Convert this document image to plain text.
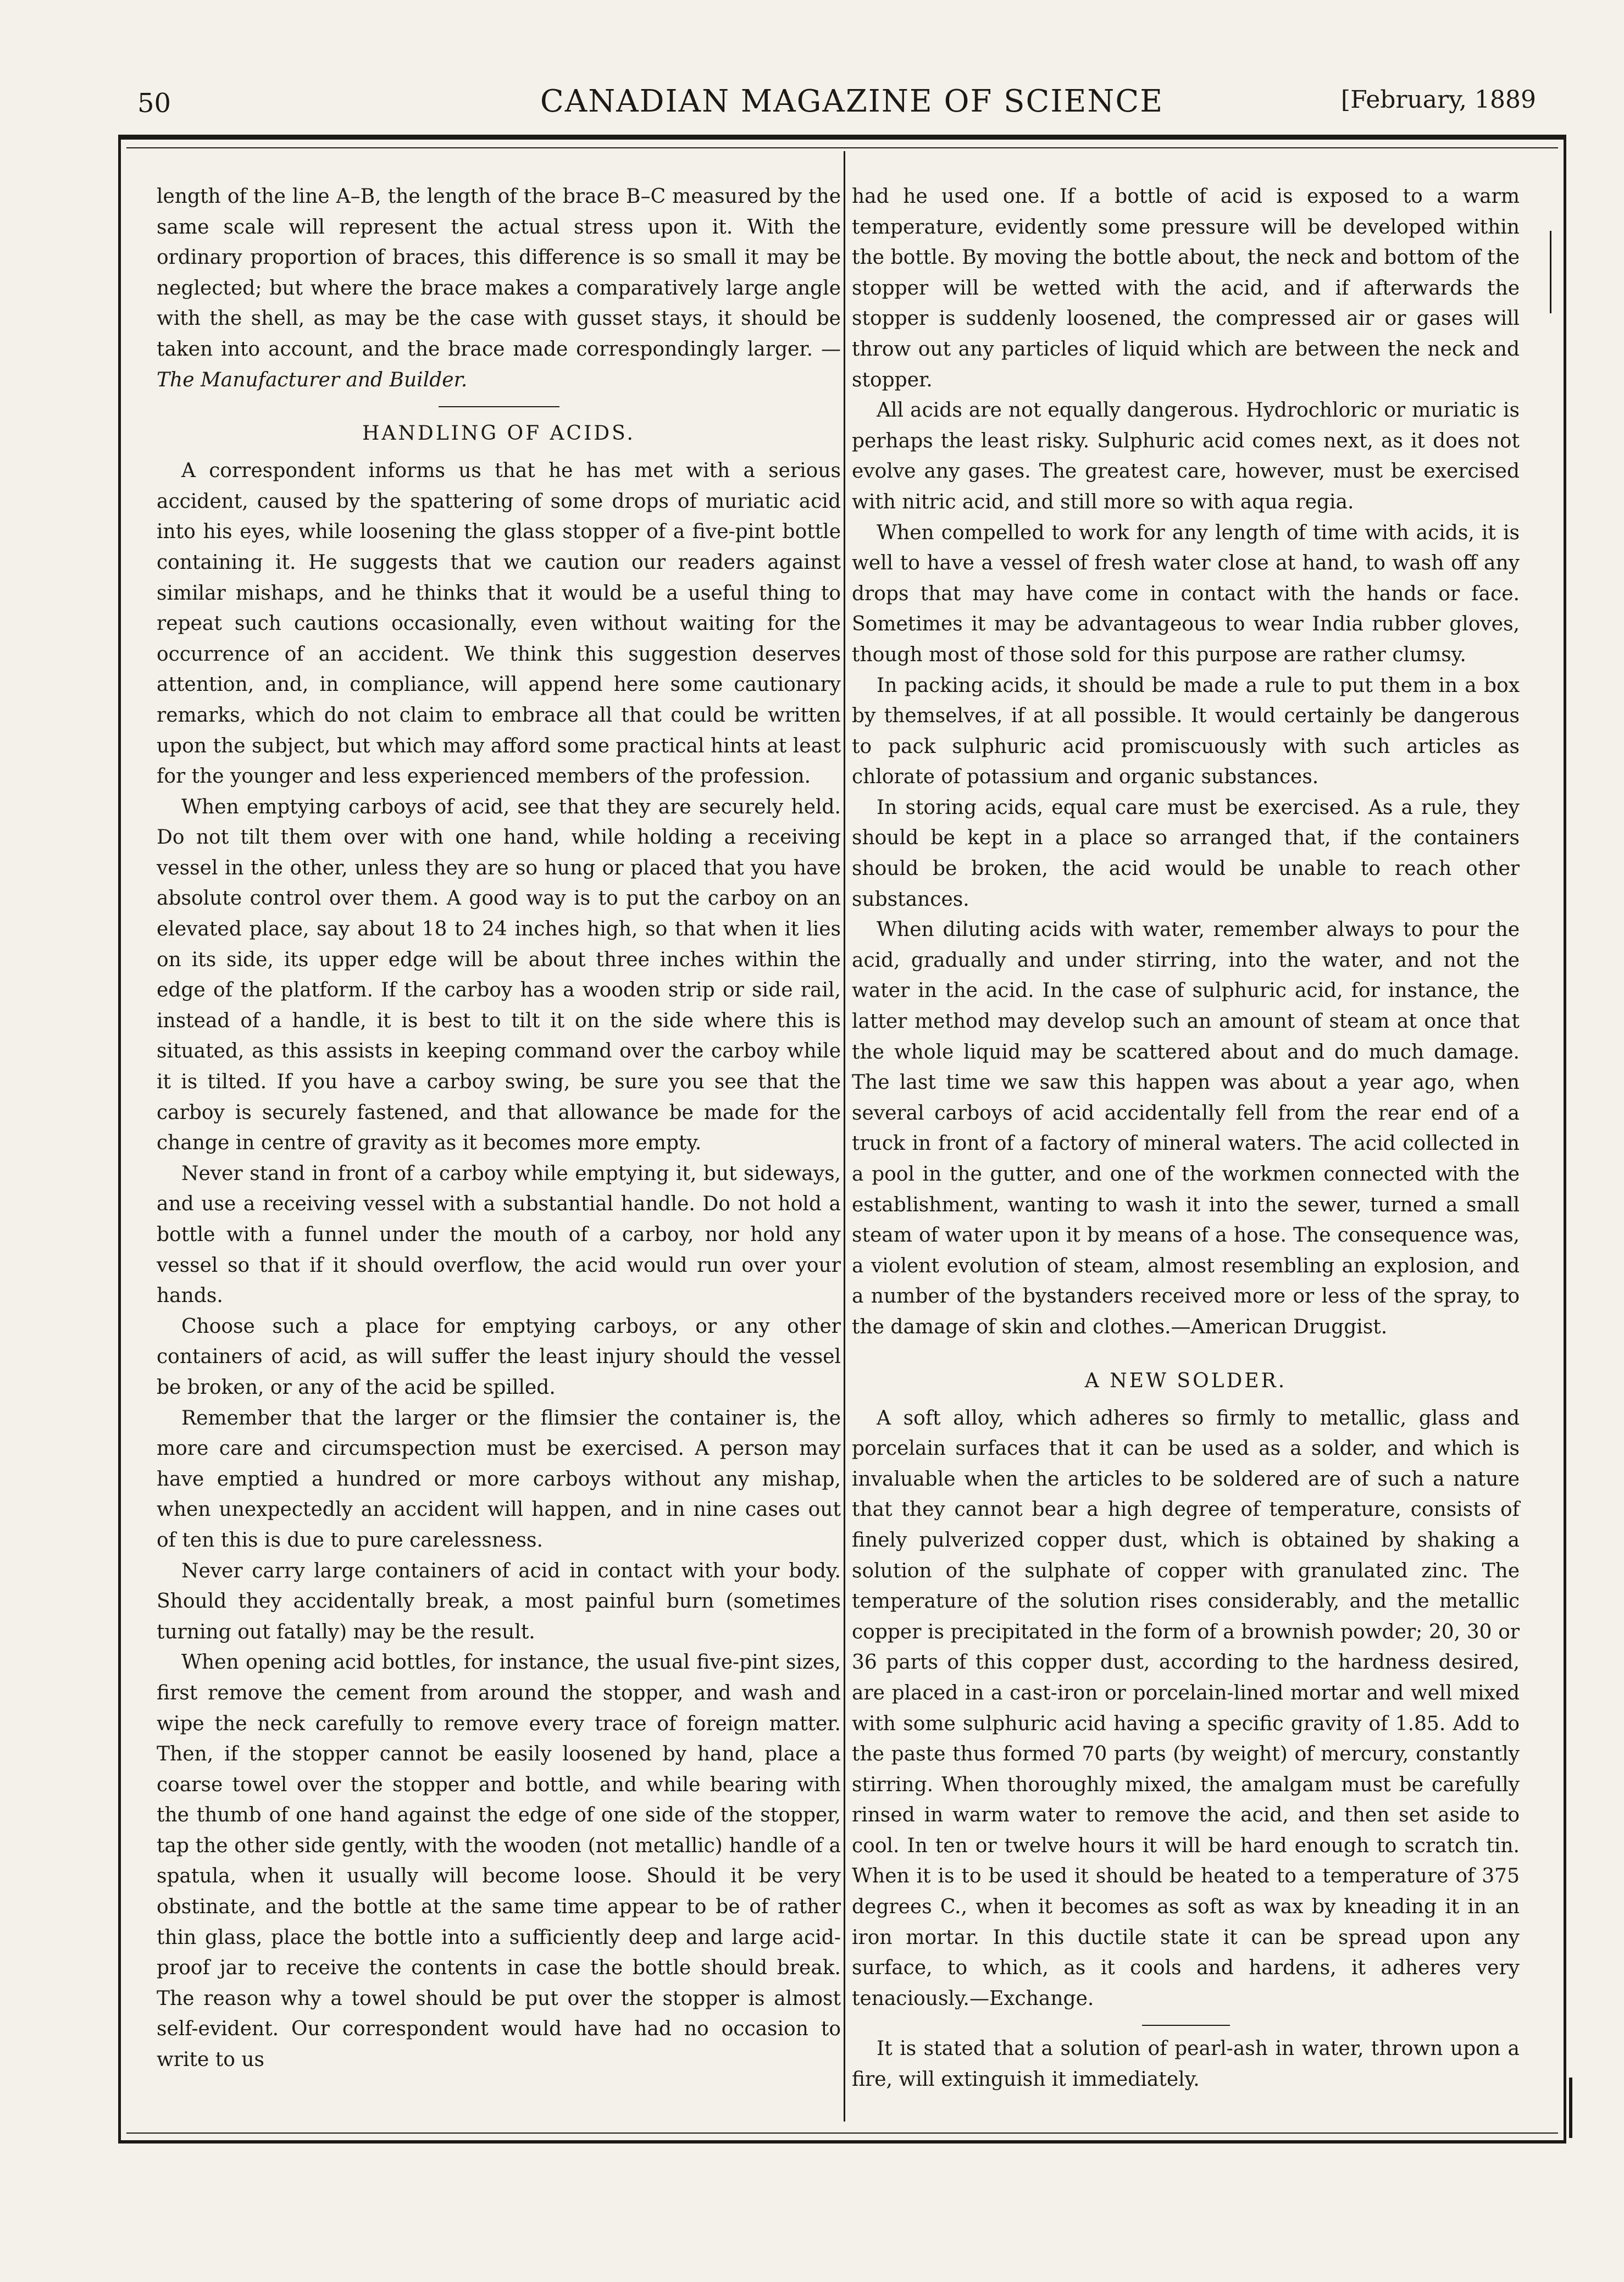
50	CANADIAN MAGAZINE OF SCIENCE	[February, 1889

length of the line A–B, the length of the brace B–C measured by the same scale will represent the actual stress upon it. With the ordinary proportion of braces, this difference is so small it may be neglected; but where the brace makes a comparatively large angle with the shell, as may be the case with gusset stays, it should be taken into account, and the brace made correspondingly larger. —The Manufacturer and Builder.

HANDLING OF ACIDS.

A correspondent informs us that he has met with a serious accident, caused by the spattering of some drops of muriatic acid into his eyes, while loosening the glass stopper of a five-pint bottle containing it. He suggests that we caution our readers against similar mishaps, and he thinks that it would be a useful thing to repeat such cautions occasionally, even without waiting for the occurrence of an accident. We think this suggestion deserves attention, and, in compliance, will append here some cautionary remarks, which do not claim to embrace all that could be written upon the subject, but which may afford some practical hints at least for the younger and less experienced members of the profession.

When emptying carboys of acid, see that they are securely held. Do not tilt them over with one hand, while holding a receiving vessel in the other, unless they are so hung or placed that you have absolute control over them. A good way is to put the carboy on an elevated place, say about 18 to 24 inches high, so that when it lies on its side, its upper edge will be about three inches within the edge of the platform. If the carboy has a wooden strip or side rail, instead of a handle, it is best to tilt it on the side where this is situated, as this assists in keeping command over the carboy while it is tilted. If you have a carboy swing, be sure you see that the carboy is securely fastened, and that allowance be made for the change in centre of gravity as it becomes more empty.

Never stand in front of a carboy while emptying it, but sideways, and use a receiving vessel with a substantial handle. Do not hold a bottle with a funnel under the mouth of a carboy, nor hold any vessel so that if it should overflow, the acid would run over your hands.

Choose such a place for emptying carboys, or any other containers of acid, as will suffer the least injury should the vessel be broken, or any of the acid be spilled.

Remember that the larger or the flimsier the container is, the more care and circumspection must be exercised. A person may have emptied a hundred or more carboys without any mishap, when unexpectedly an accident will happen, and in nine cases out of ten this is due to pure carelessness.

Never carry large containers of acid in contact with your body. Should they accidentally break, a most painful burn (sometimes turning out fatally) may be the result.

When opening acid bottles, for instance, the usual five-pint sizes, first remove the cement from around the stopper, and wash and wipe the neck carefully to remove every trace of foreign matter. Then, if the stopper cannot be easily loosened by hand, place a coarse towel over the stopper and bottle, and while bearing with the thumb of one hand against the edge of one side of the stopper, tap the other side gently, with the wooden (not metallic) handle of a spatula, when it usually will become loose. Should it be very obstinate, and the bottle at the same time appear to be of rather thin glass, place the bottle into a sufficiently deep and large acid-proof jar to receive the contents in case the bottle should break. The reason why a towel should be put over the stopper is almost self-evident. Our correspondent would have had no occasion to write to us

had he used one. If a bottle of acid is exposed to a warm temperature, evidently some pressure will be developed within the bottle. By moving the bottle about, the neck and bottom of the stopper will be wetted with the acid, and if afterwards the stopper is suddenly loosened, the compressed air or gases will throw out any particles of liquid which are between the neck and stopper.

All acids are not equally dangerous. Hydrochloric or muriatic is perhaps the least risky. Sulphuric acid comes next, as it does not evolve any gases. The greatest care, however, must be exercised with nitric acid, and still more so with aqua regia.

When compelled to work for any length of time with acids, it is well to have a vessel of fresh water close at hand, to wash off any drops that may have come in contact with the hands or face. Sometimes it may be advantageous to wear India rubber gloves, though most of those sold for this purpose are rather clumsy.

In packing acids, it should be made a rule to put them in a box by themselves, if at all possible. It would certainly be dangerous to pack sulphuric acid promiscuously with such articles as chlorate of potassium and organic substances.

In storing acids, equal care must be exercised. As a rule, they should be kept in a place so arranged that, if the containers should be broken, the acid would be unable to reach other substances.

When diluting acids with water, remember always to pour the acid, gradually and under stirring, into the water, and not the water in the acid. In the case of sulphuric acid, for instance, the latter method may develop such an amount of steam at once that the whole liquid may be scattered about and do much damage. The last time we saw this happen was about a year ago, when several carboys of acid accidentally fell from the rear end of a truck in front of a factory of mineral waters. The acid collected in a pool in the gutter, and one of the workmen connected with the establishment, wanting to wash it into the sewer, turned a small steam of water upon it by means of a hose. The consequence was, a violent evolution of steam, almost resembling an explosion, and a number of the bystanders received more or less of the spray, to the damage of skin and clothes.—American Druggist.

A NEW SOLDER.

A soft alloy, which adheres so firmly to metallic, glass and porcelain surfaces that it can be used as a solder, and which is invaluable when the articles to be soldered are of such a nature that they cannot bear a high degree of temperature, consists of finely pulverized copper dust, which is obtained by shaking a solution of the sulphate of copper with granulated zinc. The temperature of the solution rises considerably, and the metallic copper is precipitated in the form of a brownish powder; 20, 30 or 36 parts of this copper dust, according to the hardness desired, are placed in a cast-iron or porcelain-lined mortar and well mixed with some sulphuric acid having a specific gravity of 1.85. Add to the paste thus formed 70 parts (by weight) of mercury, constantly stirring. When thoroughly mixed, the amalgam must be carefully rinsed in warm water to remove the acid, and then set aside to cool. In ten or twelve hours it will be hard enough to scratch tin. When it is to be used it should be heated to a temperature of 375 degrees C., when it becomes as soft as wax by kneading it in an iron mortar. In this ductile state it can be spread upon any surface, to which, as it cools and hardens, it adheres very tenaciously.—Exchange.

It is stated that a solution of pearl-ash in water, thrown upon a fire, will extinguish it immediately.
